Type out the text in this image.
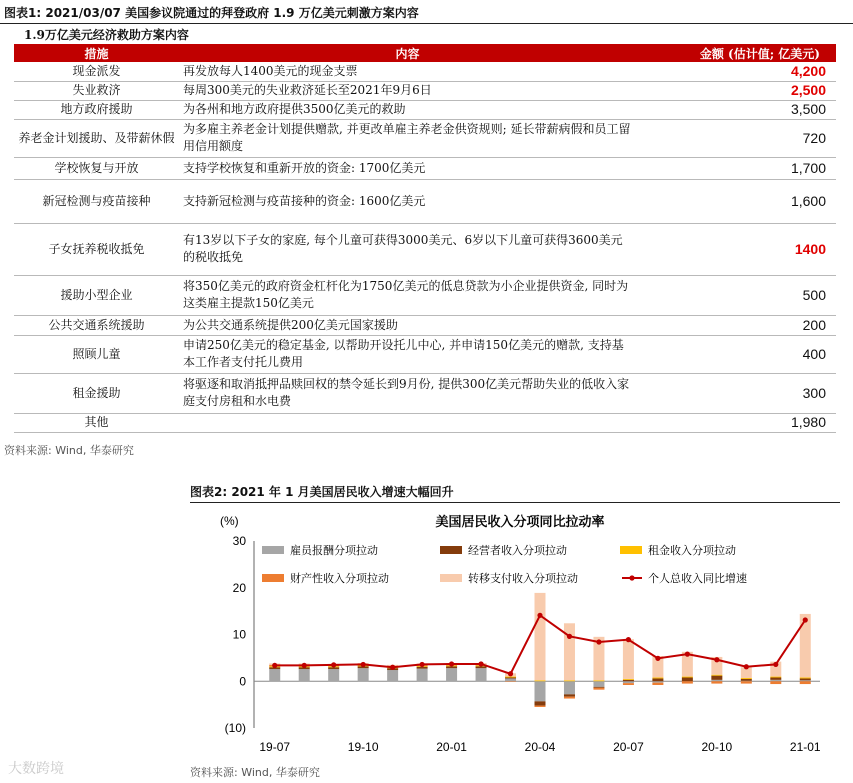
图表1: 2021/03/07 美国参议院通过的拜登政府 1.9 万亿美元刺激方案内容
1.9万亿美元经济救助方案内容
措施	内容	金额 (估计值; 亿美元)
现金派发	再发放每人1400美元的现金支票	4,200
失业救济	每周300美元的失业救济延长至2021年9月6日	2,500
地方政府援助	为各州和地方政府提供3500亿美元的救助	3,500
养老金计划援助、及带薪休假	为多雇主养老金计划提供赠款, 并更改单雇主养老金供资规则; 延长带薪病假和员工留用信用额度	720
学校恢复与开放	支持学校恢复和重新开放的资金: 1700亿美元	1,700
新冠检测与疫苗接种	支持新冠检测与疫苗接种的资金: 1600亿美元	1,600
子女抚养税收抵免	有13岁以下子女的家庭, 每个儿童可获得3000美元、6岁以下儿童可获得3600美元的税收抵免	1400
援助小型企业	将350亿美元的政府资金杠杆化为1750亿美元的低息贷款为小企业提供资金, 同时为这类雇主提款150亿美元	500
公共交通系统援助	为公共交通系统提供200亿美元国家援助	200
照顾儿童	申请250亿美元的稳定基金, 以帮助开设托儿中心, 并申请150亿美元的赠款, 支持基本工作者支付托儿费用	400
租金援助	将驱逐和取消抵押品赎回权的禁令延长到9月份, 提供300亿美元帮助失业的低收入家庭支付房租和水电费	300
其他		1,980
资料来源: Wind, 华泰研究
图表2: 2021 年 1 月美国居民收入增速大幅回升
美国居民收入分项同比拉动率
(%)
30
20
10
0
(10)
19-07	19-10	20-01	20-04	20-07	20-10	21-01
雇员报酬分项拉动	经营者收入分项拉动	租金收入分项拉动
财产性收入分项拉动	转移支付收入分项拉动	个人总收入同比增速
资料来源: Wind, 华泰研究
大数跨境
